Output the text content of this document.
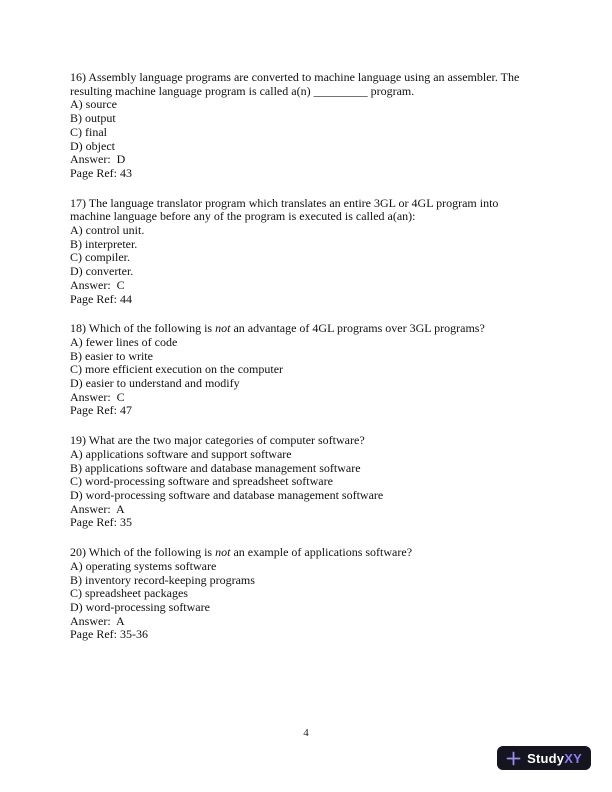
16) Assembly language programs are converted to machine language using an assembler. The
resulting machine language program is called a(n) _________ program.
A) source
B) output
C) final
D) object
Answer:  D
Page Ref: 43
17) The language translator program which translates an entire 3GL or 4GL program into
machine language before any of the program is executed is called a(an):
A) control unit.
B) interpreter.
C) compiler.
D) converter.
Answer:  C
Page Ref: 44
18) Which of the following is not an advantage of 4GL programs over 3GL programs?
A) fewer lines of code
B) easier to write
C) more efficient execution on the computer
D) easier to understand and modify
Answer:  C
Page Ref: 47
19) What are the two major categories of computer software?
A) applications software and support software
B) applications software and database management software
C) word-processing software and spreadsheet software
D) word-processing software and database management software
Answer:  A
Page Ref: 35
20) Which of the following is not an example of applications software?
A) operating systems software
B) inventory record-keeping programs
C) spreadsheet packages
D) word-processing software
Answer:  A
Page Ref: 35-36
4
Study XY
